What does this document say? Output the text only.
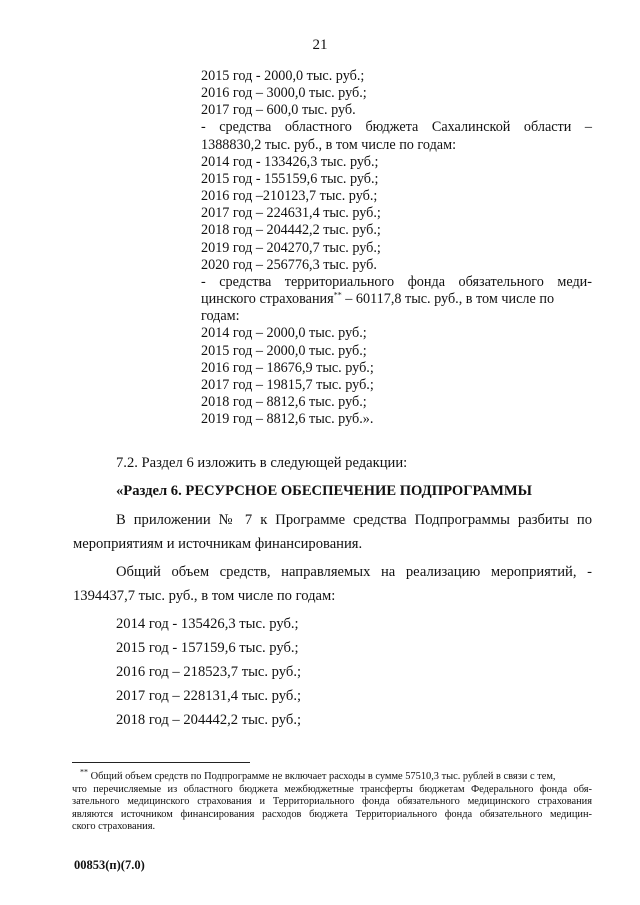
21
2015 год - 2000,0 тыс. руб.;
2016 год – 3000,0 тыс. руб.;
2017 год – 600,0 тыс. руб.
- средства областного бюджета Сахалинской области –
1388830,2 тыс. руб., в том числе по годам:
2014 год - 133426,3 тыс. руб.;
2015 год - 155159,6 тыс. руб.;
2016 год –210123,7 тыс. руб.;
2017 год – 224631,4 тыс. руб.;
2018 год – 204442,2 тыс. руб.;
2019 год – 204270,7 тыс. руб.;
2020 год – 256776,3 тыс. руб.
- средства территориального фонда обязательного меди-
цинского страхования** – 60117,8 тыс. руб., в том числе по
годам:
2014 год – 2000,0 тыс. руб.;
2015 год – 2000,0 тыс. руб.;
2016 год – 18676,9 тыс. руб.;
2017 год – 19815,7 тыс. руб.;
2018 год – 8812,6 тыс. руб.;
2019 год – 8812,6 тыс. руб.».
7.2. Раздел 6 изложить в следующей редакции:
«Раздел 6. РЕСУРСНОЕ ОБЕСПЕЧЕНИЕ ПОДПРОГРАММЫ
В приложении № 7 к Программе средства Подпрограммы разбиты по
мероприятиям и источникам финансирования.
Общий объем средств, направляемых на реализацию мероприятий, -
1394437,7 тыс. руб., в том числе по годам:
2014 год - 135426,3 тыс. руб.;
2015 год - 157159,6 тыс. руб.;
2016 год – 218523,7 тыс. руб.;
2017 год – 228131,4 тыс. руб.;
2018 год – 204442,2 тыс. руб.;
** Общий объем средств по Подпрограмме не включает расходы в сумме 57510,3 тыс. рублей в связи с тем,
что перечисляемые из областного бюджета межбюджетные трансферты бюджетам Федерального фонда обя-
зательного медицинского страхования и Территориального фонда обязательного медицинского страхования
являются источником финансирования расходов бюджета Территориального фонда обязательного медицин-
ского страхования.
00853(п)(7.0)
